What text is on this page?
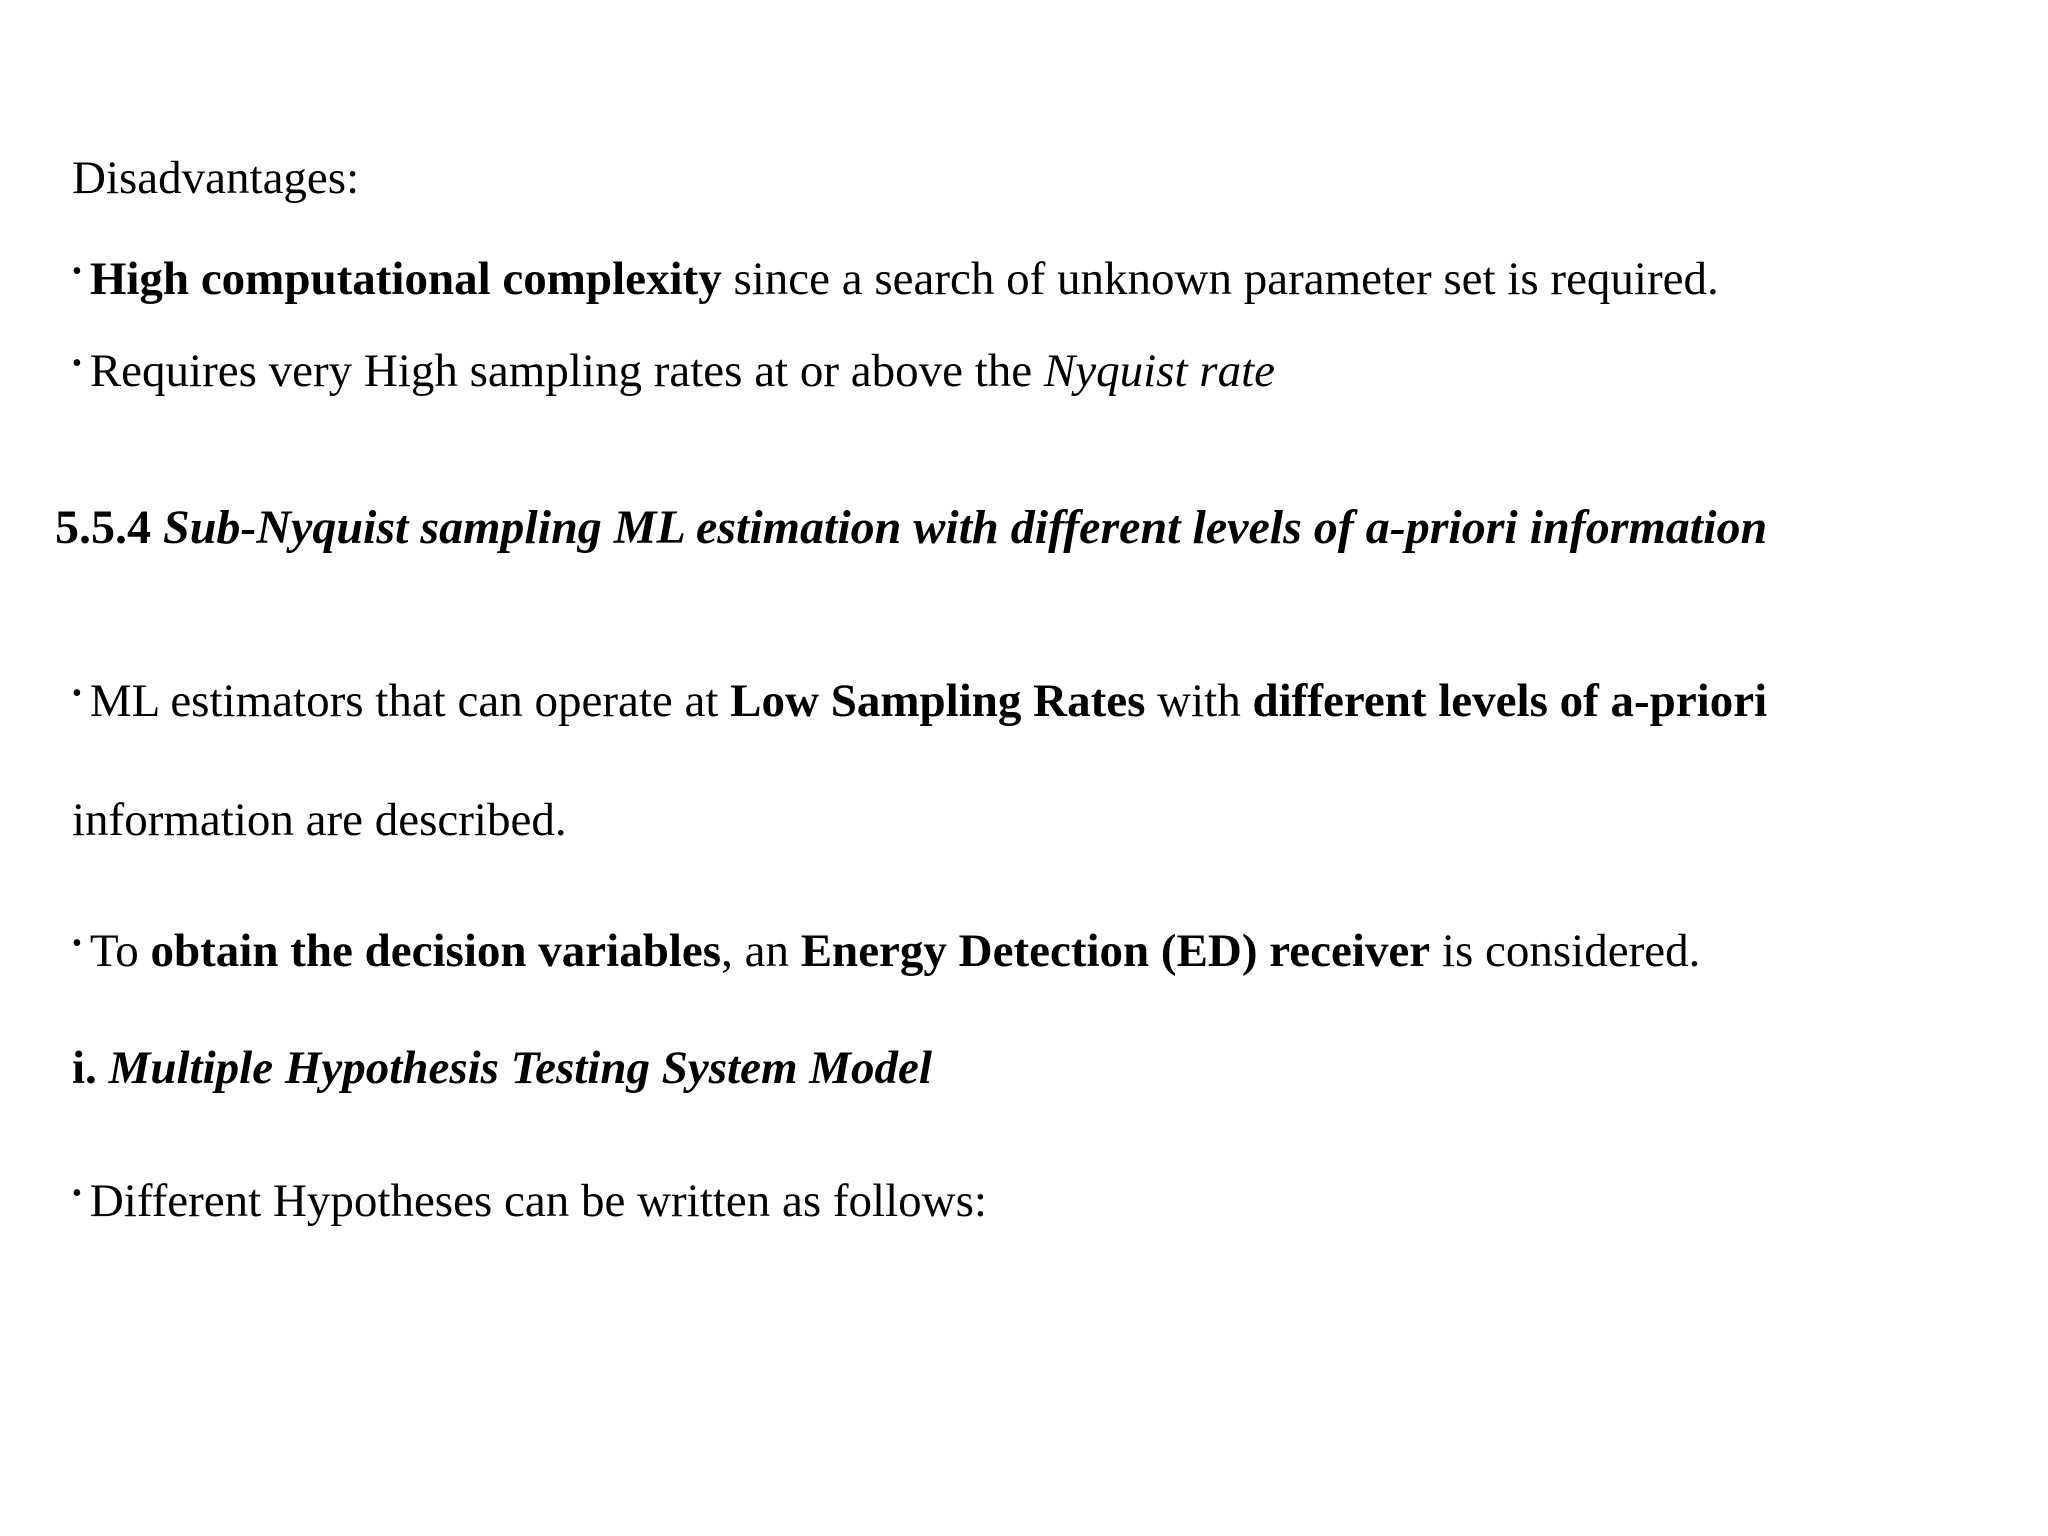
Disadvantages:
• High computational complexity since a search of unknown parameter set is required.
• Requires very High sampling rates at or above the Nyquist rate
5.5.4 Sub-Nyquist sampling ML estimation with different levels of a-priori information
• ML estimators that can operate at Low Sampling Rates with different levels of a-priori
information are described.
• To obtain the decision variables, an Energy Detection (ED) receiver is considered.
i. Multiple Hypothesis Testing System Model
• Different Hypotheses can be written as follows:
